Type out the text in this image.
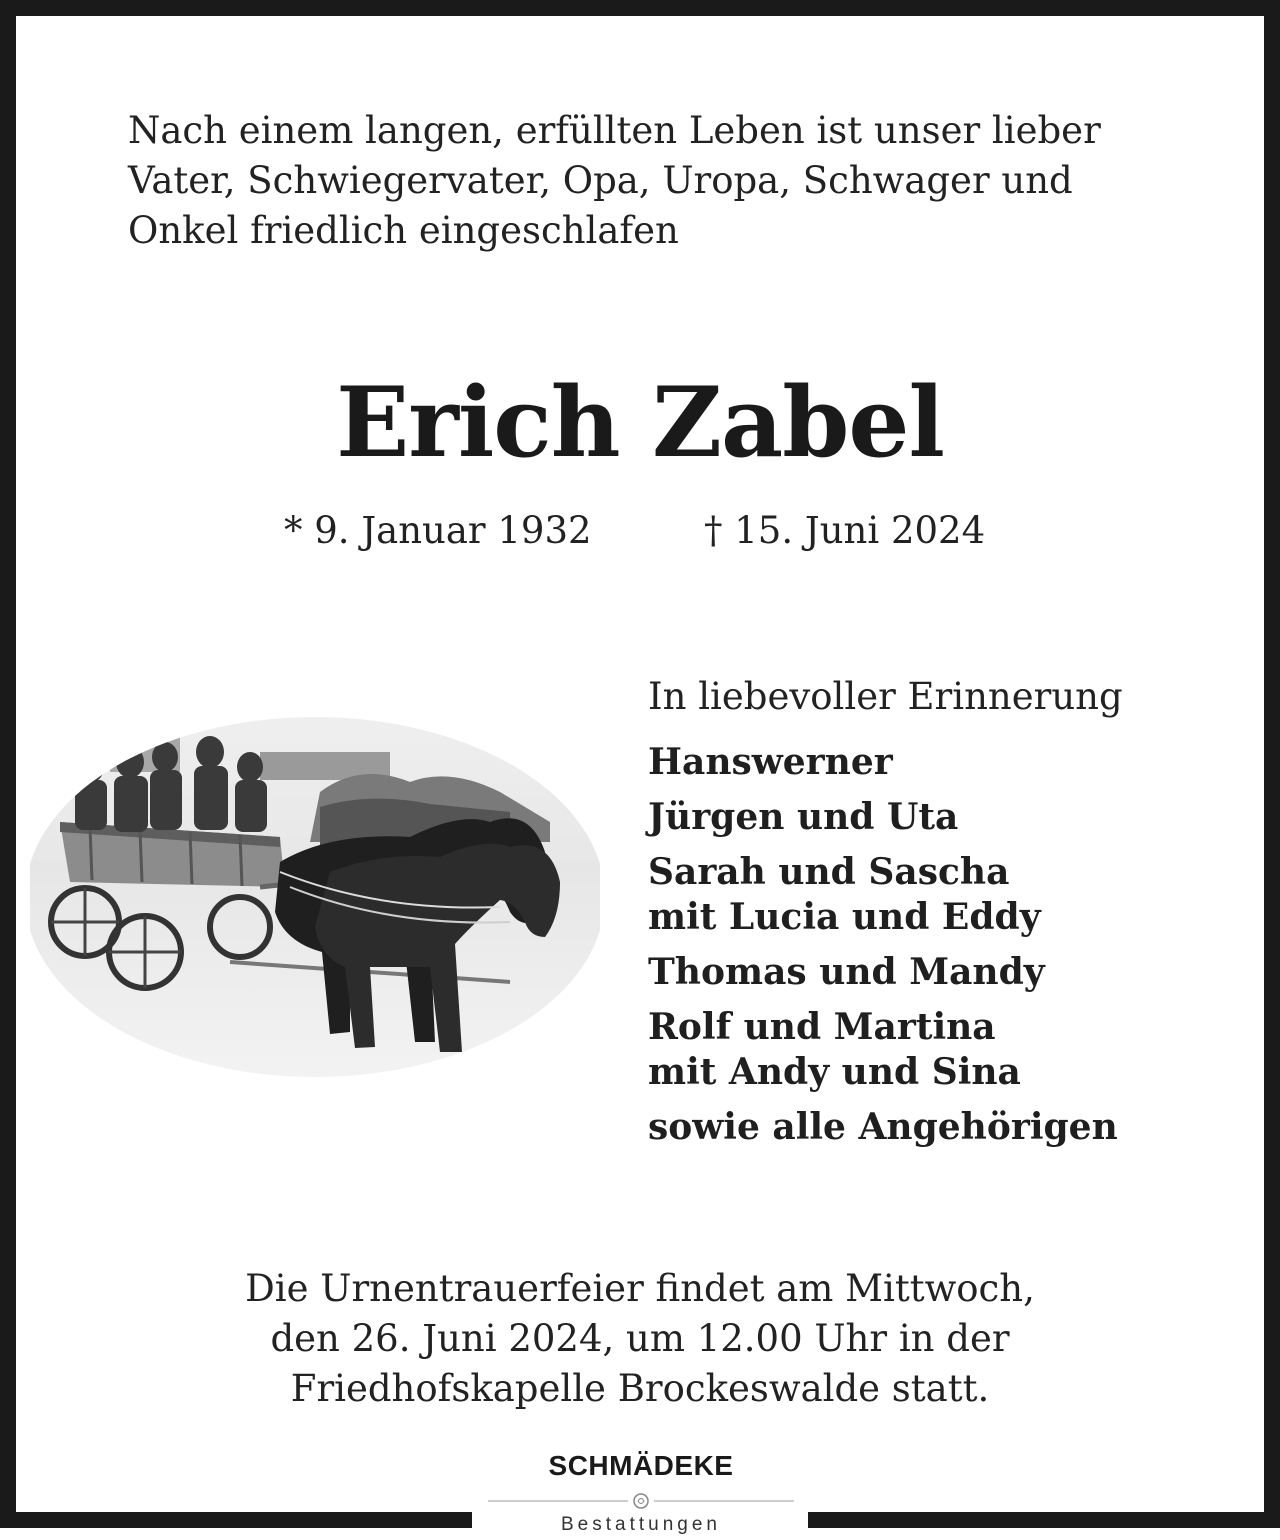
Nach einem langen, erfüllten Leben ist unser lieber
Vater, Schwiegervater, Opa, Uropa, Schwager und
Onkel friedlich eingeschlafen
Erich Zabel
* 9. Januar 1932	† 15. Juni 2024
In liebevoller Erinnerung
Hanswerner
Jürgen und Uta
Sarah und Sascha
mit Lucia und Eddy
Thomas und Mandy
Rolf und Martina
mit Andy und Sina
sowie alle Angehörigen
Die Urnentrauerfeier findet am Mittwoch,
den 26. Juni 2024, um 12.00 Uhr in der
Friedhofskapelle Brockeswalde statt.
SCHMÄDEKE
Bestattungen
